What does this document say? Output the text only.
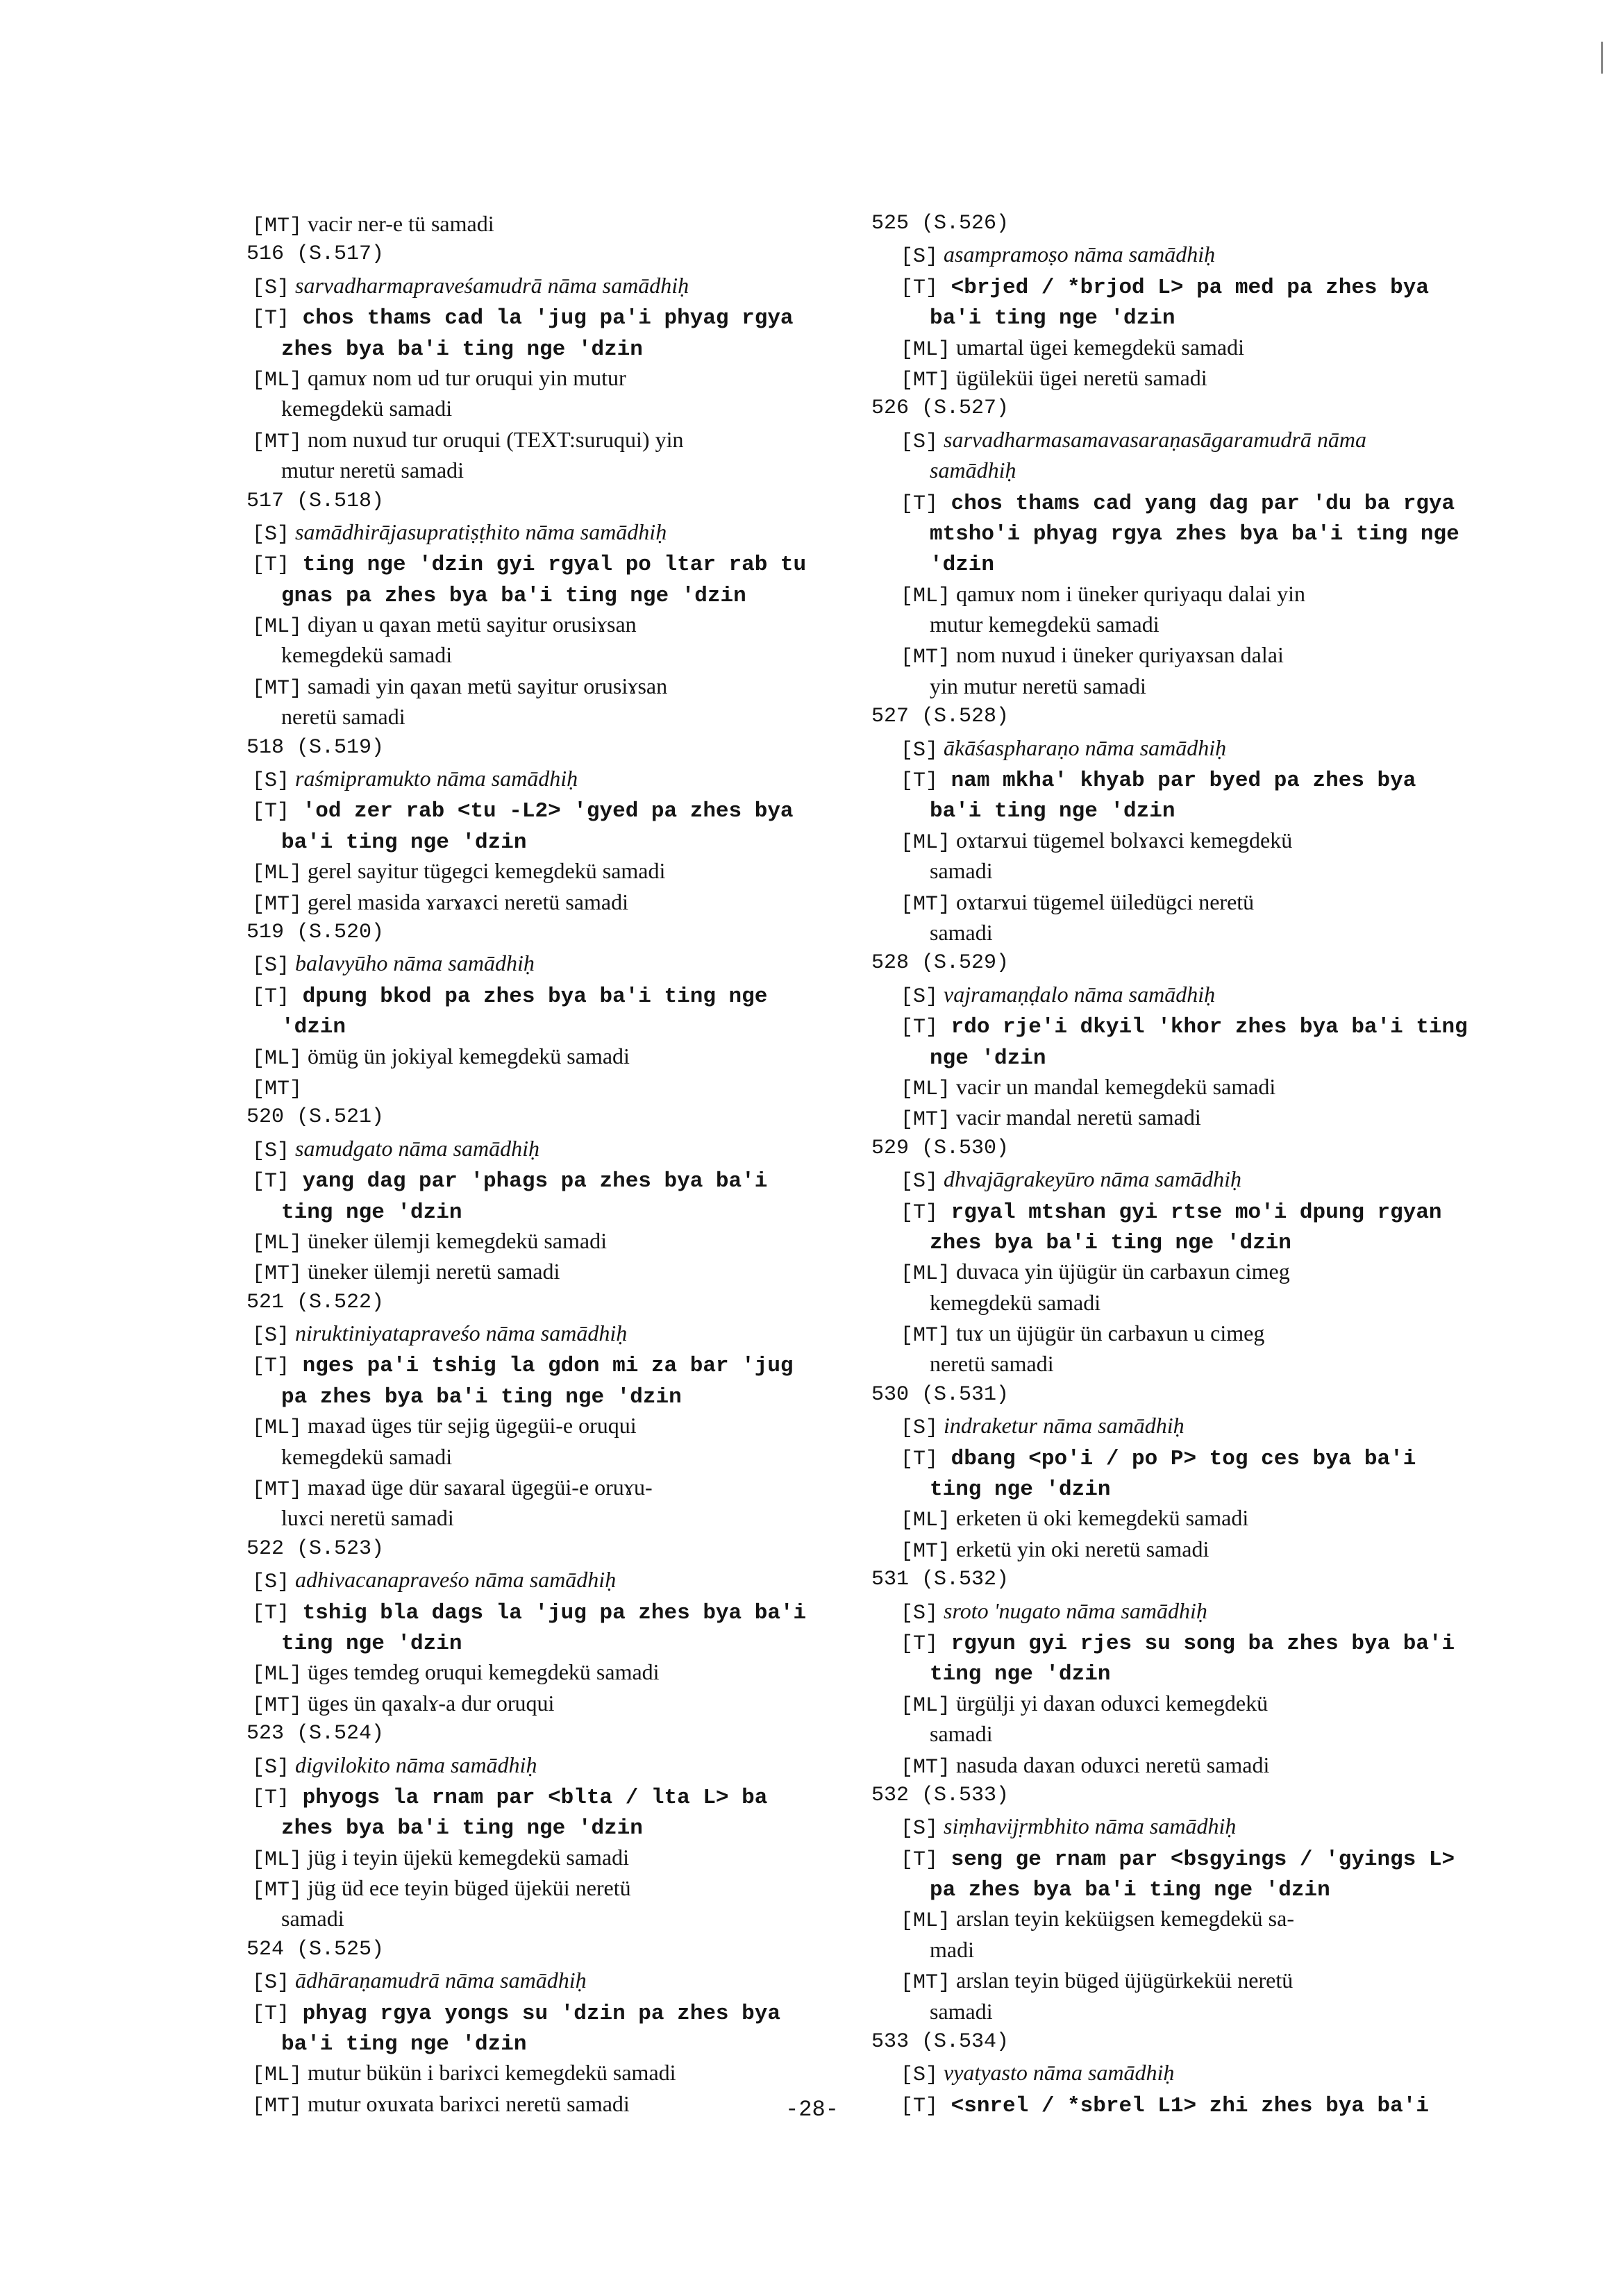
[MT] vacir ner-e tü samadi
516 (S.517)
[S] sarvadharmapraveśamudrā nāma samādhiḥ
[T] chos thams cad la 'jug pa'i phyag rgya
zhes bya ba'i ting nge 'dzin
[ML] qamuɤ nom ud tur oruqui yin mutur
kemegdekü samadi
[MT] nom nuɤud tur oruqui (TEXT:suruqui) yin
mutur neretü samadi
517 (S.518)
[S] samādhirājasupratiṣṭhito nāma samādhiḥ
[T] ting nge 'dzin gyi rgyal po ltar rab tu
gnas pa zhes bya ba'i ting nge 'dzin
[ML] diyan u qaɤan metü sayitur orusiɤsan
kemegdekü samadi
[MT] samadi yin qaɤan metü sayitur orusiɤsan
neretü samadi
518 (S.519)
[S] raśmipramukto nāma samādhiḥ
[T] 'od zer rab <tu -L2> 'gyed pa zhes bya
ba'i ting nge 'dzin
[ML] gerel sayitur tügegci kemegdekü samadi
[MT] gerel masida ɤarɤaɤci neretü samadi
519 (S.520)
[S] balavyūho nāma samādhiḥ
[T] dpung bkod pa zhes bya ba'i ting nge
'dzin
[ML] ömüg ün jokiyal kemegdekü samadi
[MT]
520 (S.521)
[S] samudgato nāma samādhiḥ
[T] yang dag par 'phags pa zhes bya ba'i
ting nge 'dzin
[ML] üneker ülemji kemegdekü samadi
[MT] üneker ülemji neretü samadi
521 (S.522)
[S] niruktiniyatapraveśo nāma samādhiḥ
[T] nges pa'i tshig la gdon mi za bar 'jug
pa zhes bya ba'i ting nge 'dzin
[ML] maɤad üges tür sejig ügegüi-e oruqui
kemegdekü samadi
[MT] maɤad üge dür saɤaral ügegüi-e oruɤu-
luɤci neretü samadi
522 (S.523)
[S] adhivacanapraveśo nāma samādhiḥ
[T] tshig bla dags la 'jug pa zhes bya ba'i
ting nge 'dzin
[ML] üges temdeg oruqui kemegdekü samadi
[MT] üges ün qaɤalɤ-a dur oruqui
523 (S.524)
[S] digvilokito nāma samādhiḥ
[T] phyogs la rnam par <blta / lta L> ba
zhes bya ba'i ting nge 'dzin
[ML] jüg i teyin üjekü kemegdekü samadi
[MT] jüg üd ece teyin büged üjeküi neretü
samadi
524 (S.525)
[S] ādhāraṇamudrā nāma samādhiḥ
[T] phyag rgya yongs su 'dzin pa zhes bya
ba'i ting nge 'dzin
[ML] mutur bükün i bariɤci kemegdekü samadi
[MT] mutur oɤuɤata bariɤci neretü samadi
525 (S.526)
[S] asampramoṣo nāma samādhiḥ
[T] <brjed / *brjod L> pa med pa zhes bya
ba'i ting nge 'dzin
[ML] umartal ügei kemegdekü samadi
[MT] ügüleküi ügei neretü samadi
526 (S.527)
[S] sarvadharmasamavasaraṇasāgaramudrā nāma
samādhiḥ
[T] chos thams cad yang dag par 'du ba rgya
mtsho'i phyag rgya zhes bya ba'i ting nge
'dzin
[ML] qamuɤ nom i üneker quriyaqu dalai yin
mutur kemegdekü samadi
[MT] nom nuɤud i üneker quriyaɤsan dalai
yin mutur neretü samadi
527 (S.528)
[S] ākāśaspharaṇo nāma samādhiḥ
[T] nam mkha' khyab par byed pa zhes bya
ba'i ting nge 'dzin
[ML] oɤtarɤui tügemel bolɤaɤci kemegdekü
samadi
[MT] oɤtarɤui tügemel üiledügci neretü
samadi
528 (S.529)
[S] vajramaṇḍalo nāma samādhiḥ
[T] rdo rje'i dkyil 'khor zhes bya ba'i ting
nge 'dzin
[ML] vacir un mandal kemegdekü samadi
[MT] vacir mandal neretü samadi
529 (S.530)
[S] dhvajāgrakeyūro nāma samādhiḥ
[T] rgyal mtshan gyi rtse mo'i dpung rgyan
zhes bya ba'i ting nge 'dzin
[ML] duvaca yin üjügür ün carbaɤun cimeg
kemegdekü samadi
[MT] tuɤ un üjügür ün carbaɤun u cimeg
neretü samadi
530 (S.531)
[S] indraketur nāma samādhiḥ
[T] dbang <po'i / po P> tog ces bya ba'i
ting nge 'dzin
[ML] erketen ü oki kemegdekü samadi
[MT] erketü yin oki neretü samadi
531 (S.532)
[S] sroto 'nugato nāma samādhiḥ
[T] rgyun gyi rjes su song ba zhes bya ba'i
ting nge 'dzin
[ML] ürgülji yi daɤan oduɤci kemegdekü
samadi
[MT] nasuda daɤan oduɤci neretü samadi
532 (S.533)
[S] siṃhavijṛmbhito nāma samādhiḥ
[T] seng ge rnam par <bsgyings / 'gyings L>
pa zhes bya ba'i ting nge 'dzin
[ML] arslan teyin keküigsen kemegdekü sa-
madi
[MT] arslan teyin büged üjügürkeküi neretü
samadi
533 (S.534)
[S] vyatyasto nāma samādhiḥ
[T] <snrel / *sbrel L1> zhi zhes bya ba'i
-28-
